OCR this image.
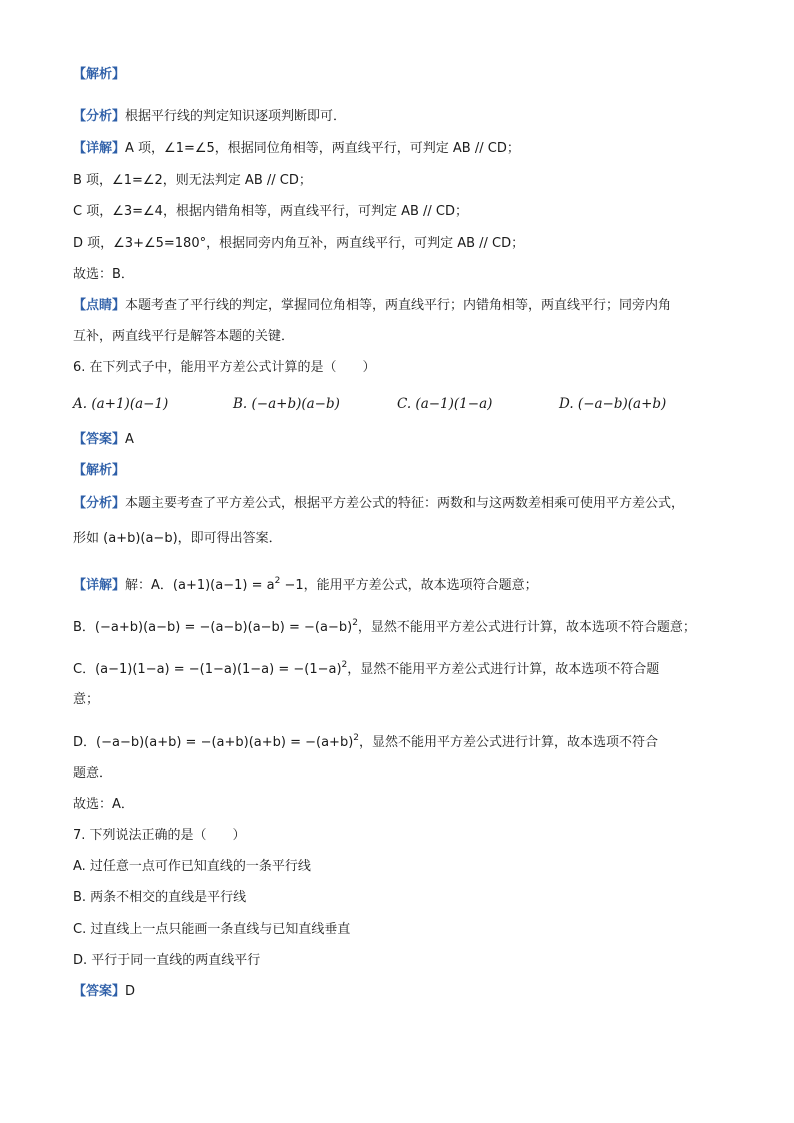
【解析】
【分析】根据平行线的判定知识逐项判断即可．
【详解】A 项，∠1=∠5，根据同位角相等，两直线平行，可判定 AB // CD；
B 项，∠1=∠2，则无法判定 AB // CD；
C 项，∠3=∠4，根据内错角相等，两直线平行，可判定 AB // CD；
D 项，∠3+∠5=180°，根据同旁内角互补，两直线平行，可判定 AB // CD；
故选：B．
【点睛】本题考查了平行线的判定，掌握同位角相等，两直线平行；内错角相等，两直线平行；同旁内角
互补，两直线平行是解答本题的关键．
6. 在下列式子中，能用平方差公式计算的是（　　）
A. (a+1)(a−1)	B. (−a+b)(a−b)	C. (a−1)(1−a)	D. (−a−b)(a+b)
【答案】A
【解析】
【分析】本题主要考查了平方差公式，根据平方差公式的特征：两数和与这两数差相乘可使用平方差公式，
形如 (a+b)(a−b)，即可得出答案．
【详解】解：A．$(a+1)(a-1) = a^2 -1$，能用平方差公式，故本选项符合题意；
B．$(-a+b)(a-b) = -(a-b)(a-b) = -(a-b)^2$，显然不能用平方差公式进行计算，故本选项不符合题意；
C．$(a-1)(1-a) = -(1-a)(1-a) = -(1-a)^2$，显然不能用平方差公式进行计算，故本选项不符合题
意；
D．$(-a-b)(a+b) = -(a+b)(a+b) = -(a+b)^2$，显然不能用平方差公式进行计算，故本选项不符合
题意．
故选：A．
7. 下列说法正确的是（　　）
A. 过任意一点可作已知直线的一条平行线
B. 两条不相交的直线是平行线
C. 过直线上一点只能画一条直线与已知直线垂直
D. 平行于同一直线的两直线平行
【答案】D
